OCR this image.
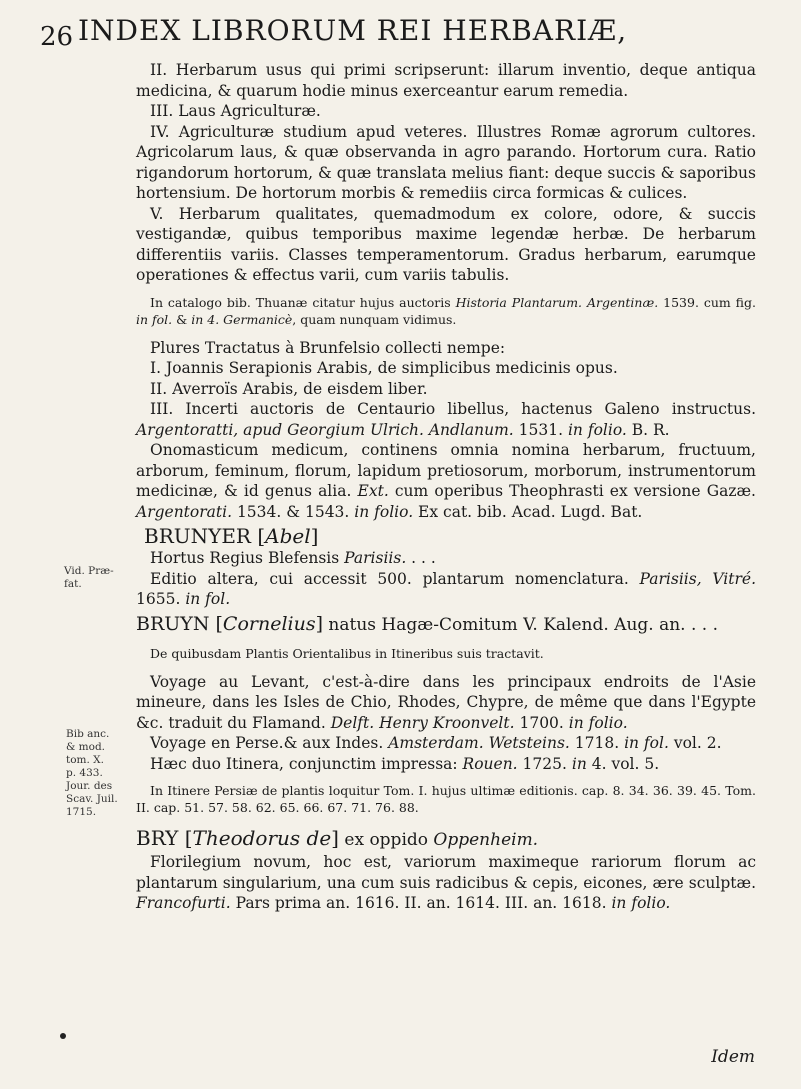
26 INDEX LIBRORUM REI HERBARIÆ,

II. Herbarum usus qui primi scripserunt: illarum inventio, deque antiqua medicina, & quarum hodie minus exerceantur earum remedia.

III. Laus Agriculturæ.

IV. Agriculturæ studium apud veteres. Illustres Romæ agrorum cultores. Agricolarum laus, & quæ observanda in agro parando. Hortorum cura. Ratio rigandorum hortorum, & quæ translata melius fiant: deque succis & saporibus hortensium. De hortorum morbis & remediis circa formicas & culices.

V. Herbarum qualitates, quemadmodum ex colore, odore, & succis vestigandæ, quibus temporibus maxime legendæ herbæ. De herbarum differentiis variis. Classes temperamentorum. Gradus herbarum, earumque operationes & effectus varii, cum variis tabulis.

In catalogo bib. Thuanæ citatur hujus auctoris Historia Plantarum. Argentinæ. 1539. cum fig. in fol. & in 4. Germanicè, quam nunquam vidimus.

Plures Tractatus à Brunfelsio collecti nempe:

I. Joannis Serapionis Arabis, de simplicibus medicinis opus.

II. Averroïs Arabis, de eisdem liber.

III. Incerti auctoris de Centaurio libellus, hactenus Galeno instructus. Argentoratti, apud Georgium Ulrich. Andlanum. 1531. in folio. B. R.

Onomasticum medicum, continens omnia nomina herbarum, fructuum, arborum, feminum, florum, lapidum pretiosorum, morborum, instrumentorum medicinæ, & id genus alia. Ext. cum operibus Theophrasti ex versione Gazæ. Argentorati. 1534. & 1543. in folio. Ex cat. bib. Acad. Lugd. Bat.

BRUNYER [Abel]

Hortus Regius Blefensis Parisiis. . . .

Editio altera, cui accessit 500. plantarum nomenclatura. Parisiis, Vitré. 1655. in fol.

BRUYN [Cornelius] natus Hagæ-Comitum V. Kalend. Aug. an. . . .

De quibusdam Plantis Orientalibus in Itineribus suis tractavit.

Voyage au Levant, c'est-à-dire dans les principaux endroits de l'Asie mineure, dans les Isles de Chio, Rhodes, Chypre, de même que dans l'Egypte &c. traduit du Flamand. Delft. Henry Kroonvelt. 1700. in folio.

Voyage en Perse.& aux Indes. Amsterdam. Wetsteins. 1718. in fol. vol. 2.

Hæc duo Itinera, conjunctim impressa: Rouen. 1725. in 4. vol. 5.

In Itinere Persiæ de plantis loquitur Tom. I. hujus ultimæ editionis. cap. 8. 34. 36. 39. 45. Tom. II. cap. 51. 57. 58. 62. 65. 66. 67. 71. 76. 88.

BRY [Theodorus de] ex oppido Oppenheim.

Florilegium novum, hoc est, variorum maximeque rariorum florum ac plantarum singularium, una cum suis radicibus & cepis, eicones, ære sculptæ. Francofurti. Pars prima an. 1616. II. an. 1614. III. an. 1618. in folio.

Vid. Præ-
fat.
Bib anc.
& mod.
tom. X.
p. 433.
Jour. des
Scav. Juil.
1715.
Idem
